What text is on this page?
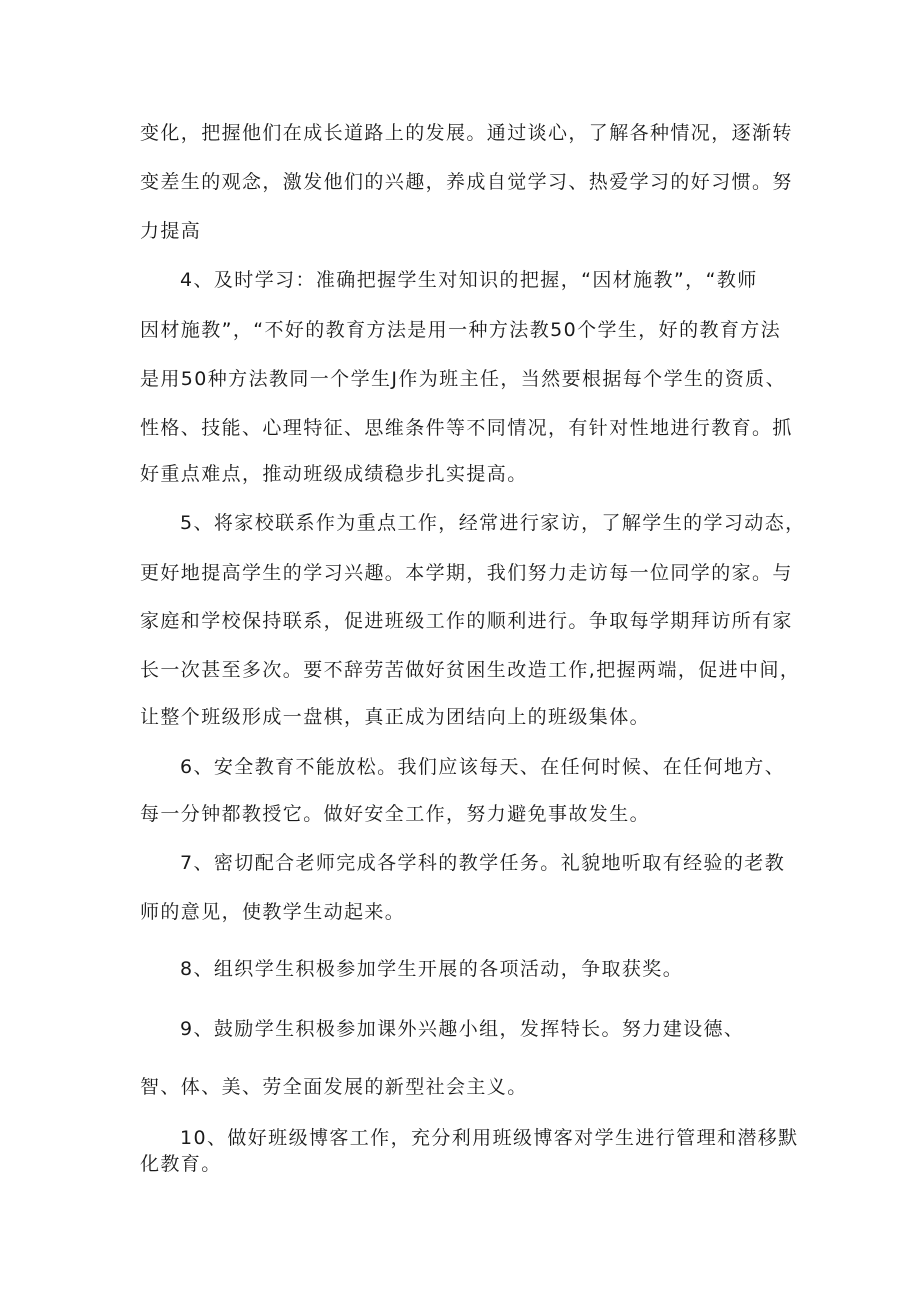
变化，把握他们在成长道路上的发展。通过谈心，了解各种情况，逐渐转
变差生的观念，激发他们的兴趣，养成自觉学习、热爱学习的好习惯。努
力提高
4、及时学习：准确把握学生对知识的把握，“因材施教”，“教师
因材施教”，“不好的教育方法是用一种方法教50个学生，好的教育方法
是用50种方法教同一个学生J作为班主任，当然要根据每个学生的资质、
性格、技能、心理特征、思维条件等不同情况，有针对性地进行教育。抓
好重点难点，推动班级成绩稳步扎实提高。
5、将家校联系作为重点工作，经常进行家访，了解学生的学习动态，
更好地提高学生的学习兴趣。本学期，我们努力走访每一位同学的家。与
家庭和学校保持联系，促进班级工作的顺利进行。争取每学期拜访所有家
长一次甚至多次。要不辞劳苦做好贫困生改造工作,把握两端，促进中间，
让整个班级形成一盘棋，真正成为团结向上的班级集体。
6、安全教育不能放松。我们应该每天、在任何时候、在任何地方、
每一分钟都教授它。做好安全工作，努力避免事故发生。
7、密切配合老师完成各学科的教学任务。礼貌地听取有经验的老教
师的意见，使教学生动起来。
8、组织学生积极参加学生开展的各项活动，争取获奖。
9、鼓励学生积极参加课外兴趣小组，发挥特长。努力建设德、
智、体、美、劳全面发展的新型社会主义。
10、做好班级博客工作，充分利用班级博客对学生进行管理和潜移默
化教育。
